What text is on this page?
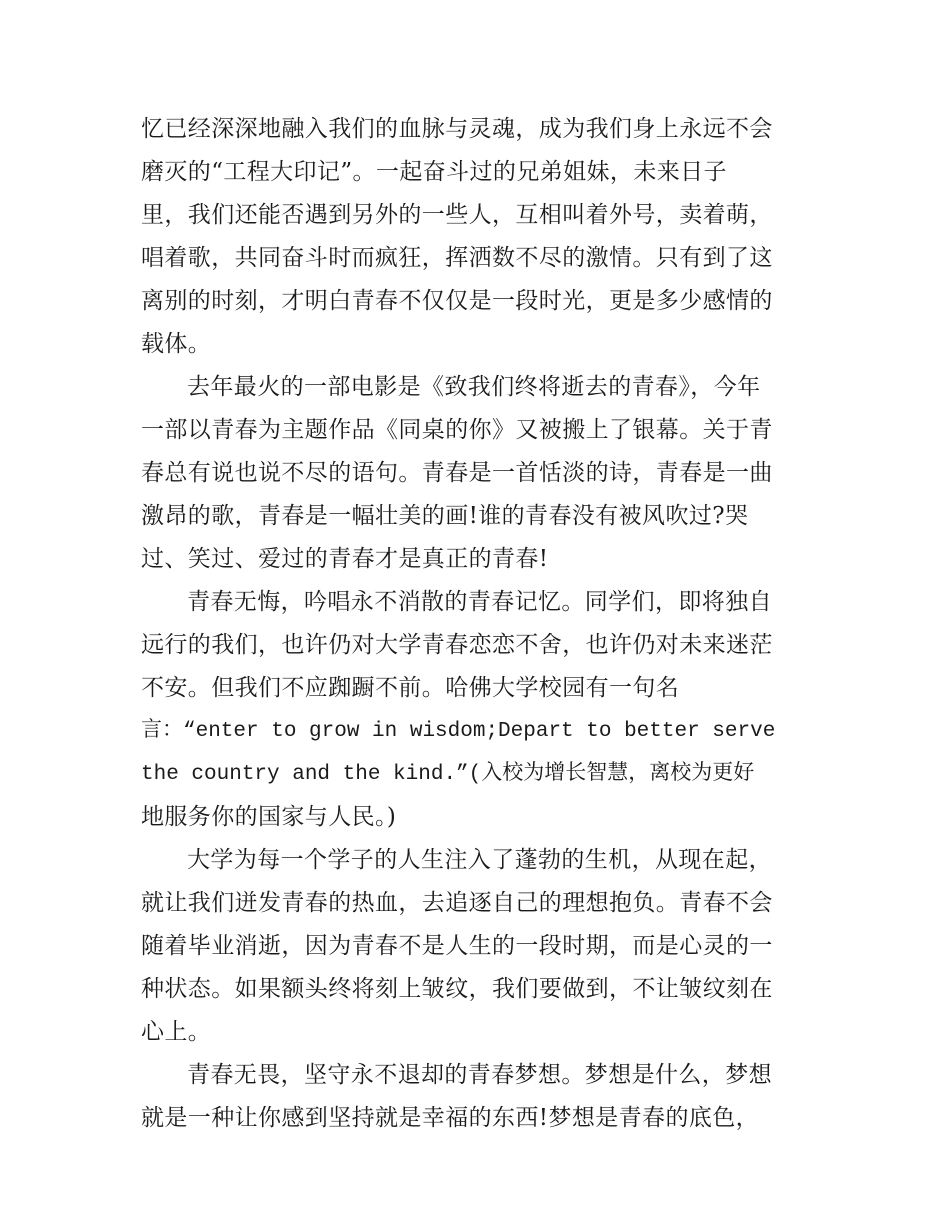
忆已经深深地融入我们的血脉与灵魂，成为我们身上永远不会
磨灭的“工程大印记”。一起奋斗过的兄弟姐妹，未来日子
里，我们还能否遇到另外的一些人，互相叫着外号，卖着萌，
唱着歌，共同奋斗时而疯狂，挥洒数不尽的激情。只有到了这
离别的时刻，才明白青春不仅仅是一段时光，更是多少感情的
载体。
去年最火的一部电影是《致我们终将逝去的青春》，今年
一部以青春为主题作品《同桌的你》又被搬上了银幕。关于青
春总有说也说不尽的语句。青春是一首恬淡的诗，青春是一曲
激昂的歌，青春是一幅壮美的画!谁的青春没有被风吹过?哭
过、笑过、爱过的青春才是真正的青春!
青春无悔，吟唱永不消散的青春记忆。同学们，即将独自
远行的我们，也许仍对大学青春恋恋不舍，也许仍对未来迷茫
不安。但我们不应踟蹰不前。哈佛大学校园有一句名
言：“enter to grow in wisdom;Depart to better serve
the country and the kind.”(入校为增长智慧，离校为更好
地服务你的国家与人民。)
大学为每一个学子的人生注入了蓬勃的生机，从现在起，
就让我们迸发青春的热血，去追逐自己的理想抱负。青春不会
随着毕业消逝，因为青春不是人生的一段时期，而是心灵的一
种状态。如果额头终将刻上皱纹，我们要做到，不让皱纹刻在
心上。
青春无畏，坚守永不退却的青春梦想。梦想是什么，梦想
就是一种让你感到坚持就是幸福的东西!梦想是青春的底色，
